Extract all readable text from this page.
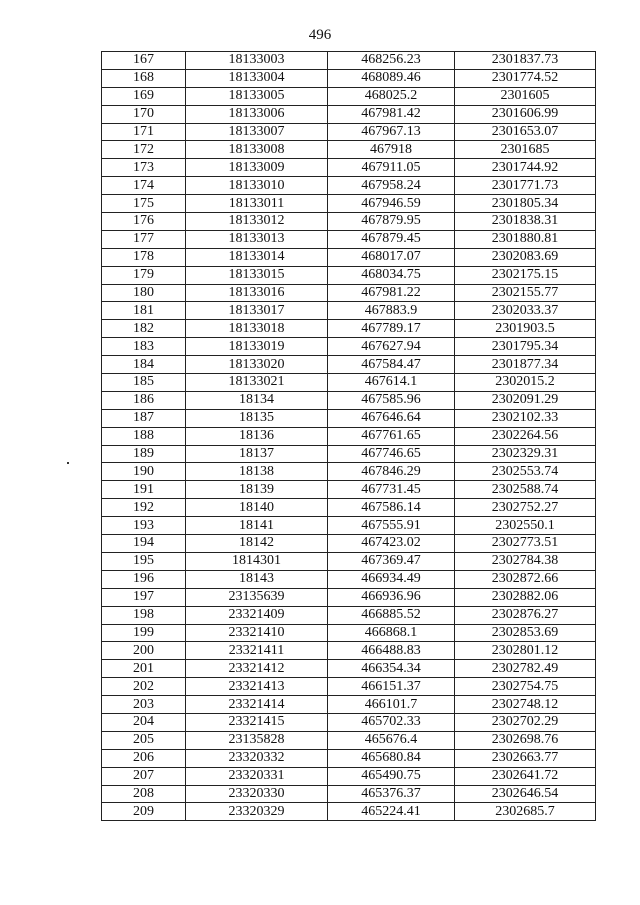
496
167	18133003	468256.23	2301837.73
168	18133004	468089.46	2301774.52
169	18133005	468025.2	2301605
170	18133006	467981.42	2301606.99
171	18133007	467967.13	2301653.07
172	18133008	467918	2301685
173	18133009	467911.05	2301744.92
174	18133010	467958.24	2301771.73
175	18133011	467946.59	2301805.34
176	18133012	467879.95	2301838.31
177	18133013	467879.45	2301880.81
178	18133014	468017.07	2302083.69
179	18133015	468034.75	2302175.15
180	18133016	467981.22	2302155.77
181	18133017	467883.9	2302033.37
182	18133018	467789.17	2301903.5
183	18133019	467627.94	2301795.34
184	18133020	467584.47	2301877.34
185	18133021	467614.1	2302015.2
186	18134	467585.96	2302091.29
187	18135	467646.64	2302102.33
188	18136	467761.65	2302264.56
189	18137	467746.65	2302329.31
190	18138	467846.29	2302553.74
191	18139	467731.45	2302588.74
192	18140	467586.14	2302752.27
193	18141	467555.91	2302550.1
194	18142	467423.02	2302773.51
195	1814301	467369.47	2302784.38
196	18143	466934.49	2302872.66
197	23135639	466936.96	2302882.06
198	23321409	466885.52	2302876.27
199	23321410	466868.1	2302853.69
200	23321411	466488.83	2302801.12
201	23321412	466354.34	2302782.49
202	23321413	466151.37	2302754.75
203	23321414	466101.7	2302748.12
204	23321415	465702.33	2302702.29
205	23135828	465676.4	2302698.76
206	23320332	465680.84	2302663.77
207	23320331	465490.75	2302641.72
208	23320330	465376.37	2302646.54
209	23320329	465224.41	2302685.7
